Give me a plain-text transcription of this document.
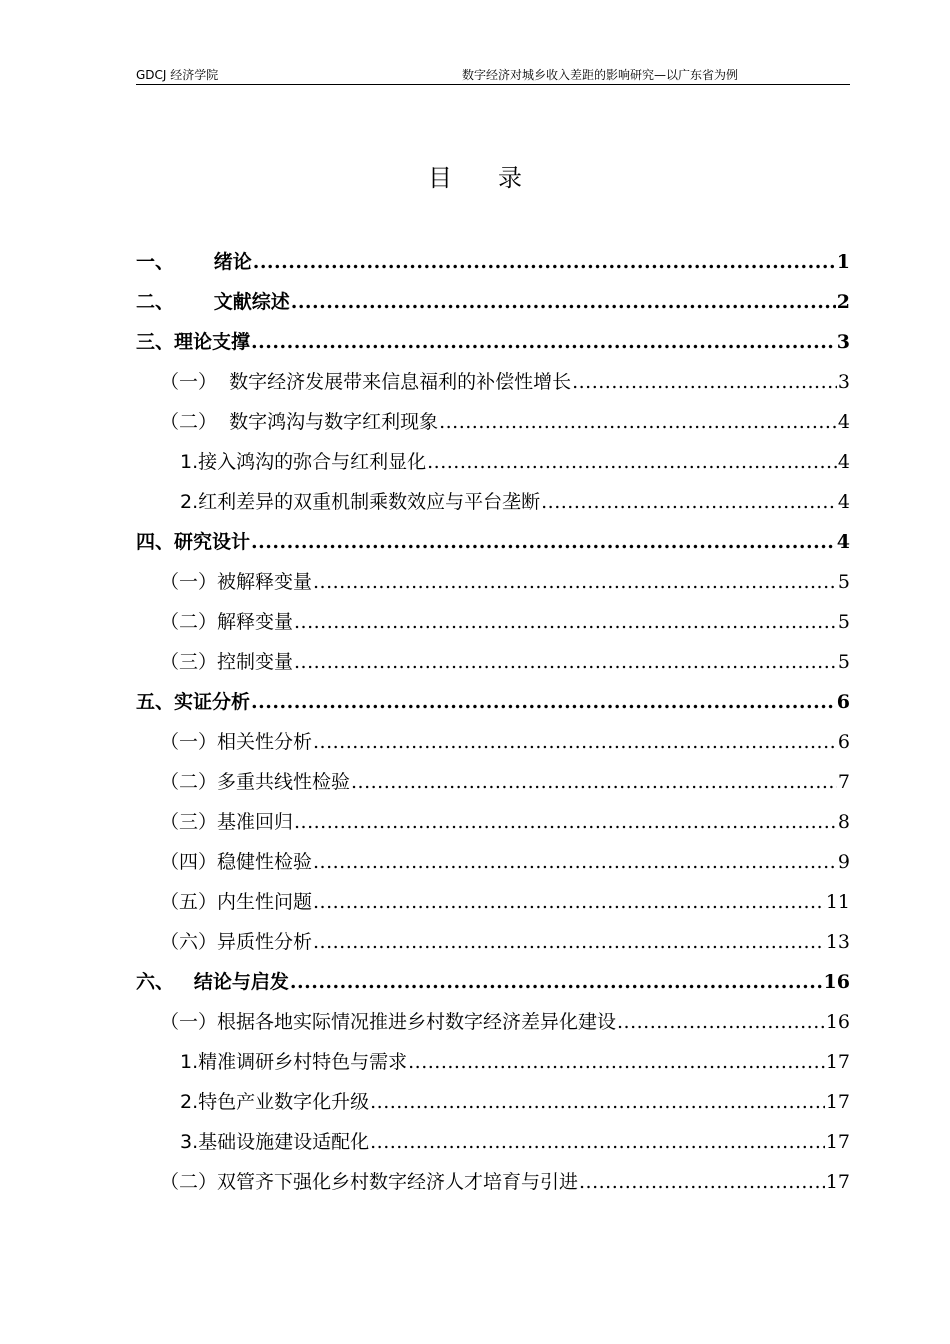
GDCJ 经济学院	数字经济对城乡收入差距的影响研究—以广东省为例
目 录
一、      绪论 .....	1
二、      文献综述 .....	2
三、理论支撑 .....	3
（一）  数字经济发展带来信息福利的补偿性增长 .....	3
（二）  数字鸿沟与数字红利现象 .....	4
1.接入鸿沟的弥合与红利显化 .....	4
2.红利差异的双重机制乘数效应与平台垄断 .....	4
四、研究设计 .....	4
（一）被解释变量 .....	5
（二）解释变量 .....	5
（三）控制变量 .....	5
五、实证分析 .....	6
（一）相关性分析 .....	6
（二）多重共线性检验 .....	7
（三）基准回归 .....	8
（四）稳健性检验 .....	9
（五）内生性问题 .....	11
（六）异质性分析 .....	13
六、   结论与启发 .....	16
（一）根据各地实际情况推进乡村数字经济差异化建设 .....	16
1.精准调研乡村特色与需求 .....	17
2.特色产业数字化升级 .....	17
3.基础设施建设适配化 .....	17
（二）双管齐下强化乡村数字经济人才培育与引进 .....	17
